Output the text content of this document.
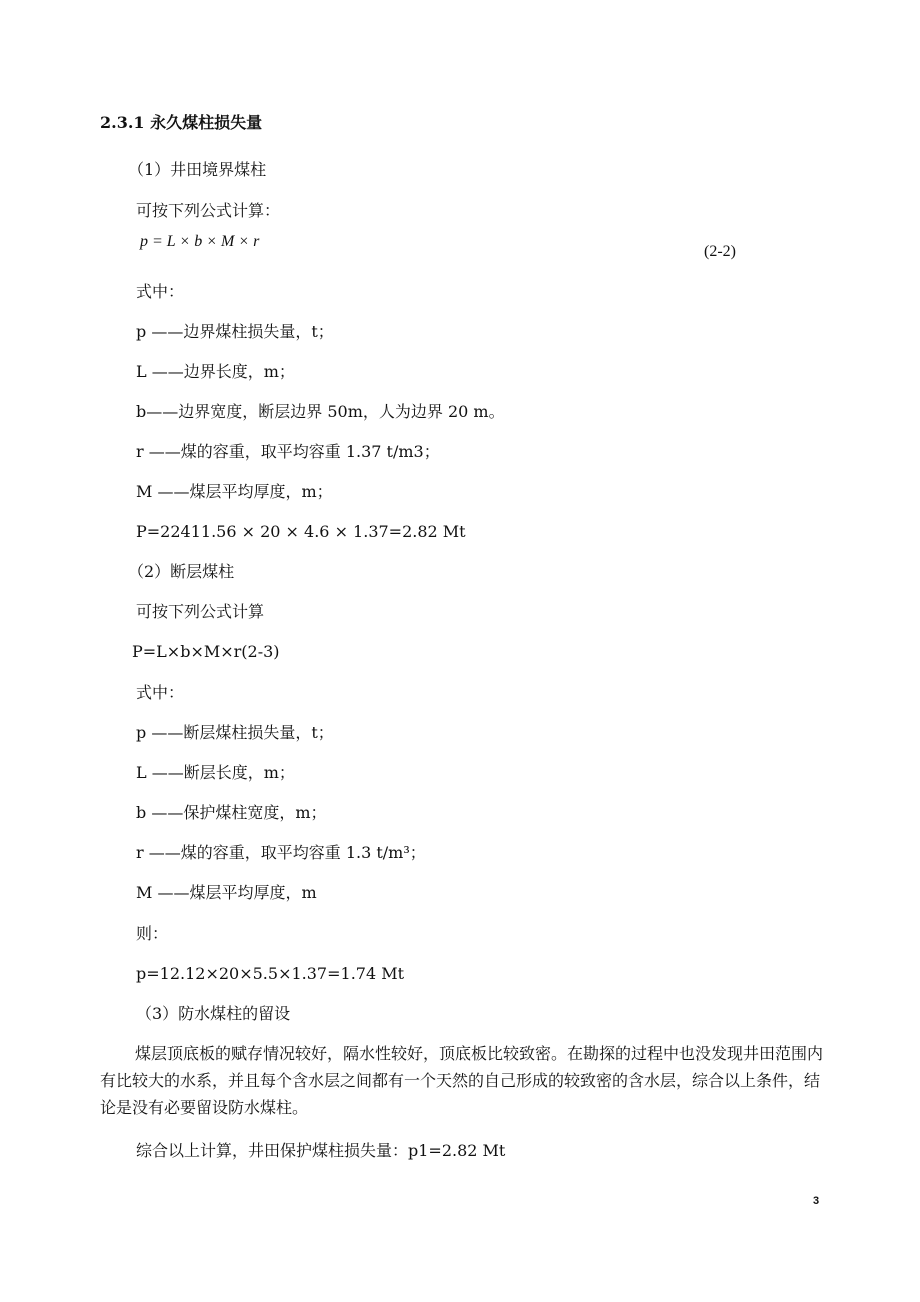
2.3.1 永久煤柱损失量
（1）井田境界煤柱
可按下列公式计算：
p = L × b × M × r
(2-2)
式中：
p ——边界煤柱损失量，t；
L ——边界长度，m；
b——边界宽度，断层边界 50m，人为边界 20 m。
r ——煤的容重，取平均容重 1.37 t/m3；
M ——煤层平均厚度，m；
P=22411.56 × 20 × 4.6 × 1.37=2.82 Mt
（2）断层煤柱
可按下列公式计算
P=L×b×M×r(2-3)
式中：
p ——断层煤柱损失量，t；
L ——断层长度，m；
b ——保护煤柱宽度，m；
r ——煤的容重，取平均容重 1.3 t/m³；
M ——煤层平均厚度，m
则：
p=12.12×20×5.5×1.37=1.74 Mt
（3）防水煤柱的留设
煤层顶底板的赋存情况较好，隔水性较好，顶底板比较致密。在勘探的过程中也没发现井田范围内有比较大的水系，并且每个含水层之间都有一个天然的自己形成的较致密的含水层，综合以上条件，结论是没有必要留设防水煤柱。
综合以上计算，井田保护煤柱损失量：p1=2.82 Mt
3
